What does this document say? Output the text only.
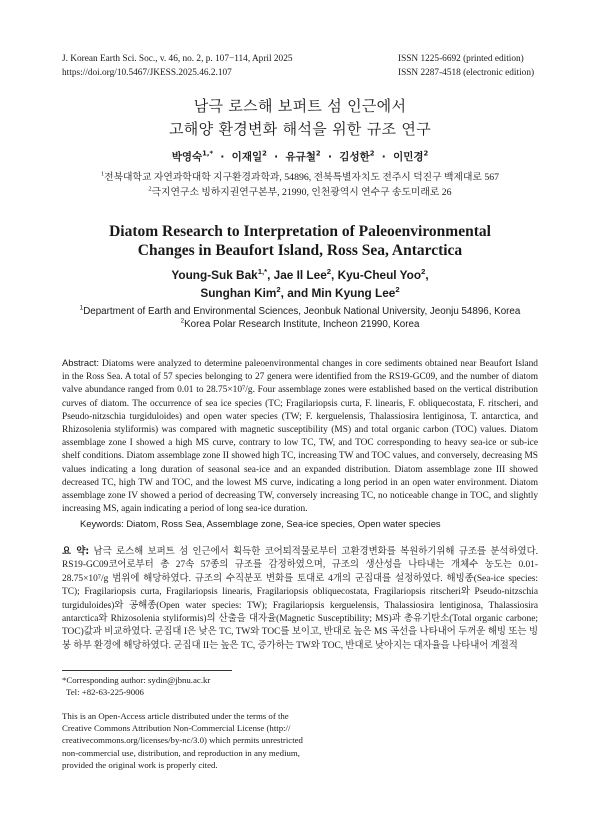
J. Korean Earth Sci. Soc., v. 46, no. 2, p. 107−114, April 2025
https://doi.org/10.5467/JKESS.2025.46.2.107
ISSN 1225-6692 (printed edition)
ISSN 2287-4518 (electronic edition)
남극 로스해 보퍼트 섬 인근에서
고해양 환경변화 해석을 위한 규조 연구
박영숙$^{1,*}$  ·  이재일$^2$  ·  유규철$^2$  ·  김성한$^2$  ·  이민경$^2$
$^1$전북대학교 자연과학대학 지구환경과학과, 54896, 전북특별자치도 전주시 덕진구 백제대로 567
$^2$극지연구소 빙하지권연구본부, 21990, 인천광역시 연수구 송도미래로 26
Diatom Research to Interpretation of Paleoenvironmental
Changes in Beaufort Island, Ross Sea, Antarctica
Young-Suk Bak$^{1,*}$, Jae Il Lee$^2$, Kyu-Cheul Yoo$^2$,
Sunghan Kim$^2$, and Min Kyung Lee$^2$
$^1$Department of Earth and Environmental Sciences, Jeonbuk National University, Jeonju 54896, Korea
$^2$Korea Polar Research Institute, Incheon 21990, Korea
Abstract: Diatoms were analyzed to determine paleoenvironmental changes in core sediments obtained near Beaufort Island in the Ross Sea. A total of 57 species belonging to 27 genera were identified from the RS19-GC09, and the number of diatom valve abundance ranged from 0.01 to 28.75×10⁷/g. Four assemblage zones were established based on the vertical distribution curves of diatom. The occurrence of sea ice species (TC; Fragilariopsis curta, F. linearis, F. obliquecostata, F. ritscheri, and Pseudo-nitzschia turgiduloides) and open water species (TW; F. kerguelensis, Thalassiosira lentiginosa, T. antarctica, and Rhizosolenia styliformis) was compared with magnetic susceptibility (MS) and total organic carbon (TOC) values. Diatom assemblage zone I showed a high MS curve, contrary to low TC, TW, and TOC corresponding to heavy sea-ice or sub-ice shelf conditions. Diatom assemblage zone II showed high TC, increasing TW and TOC values, and conversely, decreasing MS values indicating a long duration of seasonal sea-ice and an expanded distribution. Diatom assemblage zone III showed decreased TC, high TW and TOC, and the lowest MS curve, indicating a long period in an open water environment. Diatom assemblage zone IV showed a period of decreasing TW, conversely increasing TC, no noticeable change in TOC, and slightly increasing MS, again indicating a period of long sea-ice duration.
Keywords: Diatom, Ross Sea, Assemblage zone, Sea-ice species, Open water species
요 약: 남극 로스해 보퍼트 섬 인근에서 획득한 코어퇴적물로부터 고환경변화를 복원하기위해 규조를 분석하였다. RS19-GC09코어로부터 총 27속 57종의 규조를 감정하였으며, 규조의 생산성을 나타내는 개체수 농도는 0.01-28.75×10⁷/g 범위에 해당하였다. 규조의 수직분포 변화를 토대로 4개의 군집대를 설정하였다. 해빙종(Sea-ice species: TC); Fragilariopsis curta, Fragilariopsis linearis, Fragilariopsis obliquecostata, Fragilariopsis ritscheri와 Pseudo-nitzschia turgiduloides)와 공해종(Open water species: TW); Fragilariopsis kerguelensis, Thalassiosira lentiginosa, Thalassiosira antarctica와 Rhizosolenia styliformis)의 산출을 대자율(Magnetic Susceptibility; MS)과 총유기탄소(Total organic carbone; TOC)값과 비교하였다. 군집대 I은 낮은 TC, TW와 TOC를 보이고, 반대로 높은 MS 곡선을 나타내어 두꺼운 해빙 또는 빙붕 하부 환경에 해당하였다. 군집대 II는 높은 TC, 증가하는 TW와 TOC, 반대로 낮아지는 대자율을 나타내어 계절적
*Corresponding author: sydin@jbnu.ac.kr
Tel: +82-63-225-9006
This is an Open-Access article distributed under the terms of the
Creative Commons Attribution Non-Commercial License (http://
creativecommons.org/licenses/by-nc/3.0) which permits unrestricted
non-commercial use, distribution, and reproduction in any medium,
provided the original work is properly cited.
